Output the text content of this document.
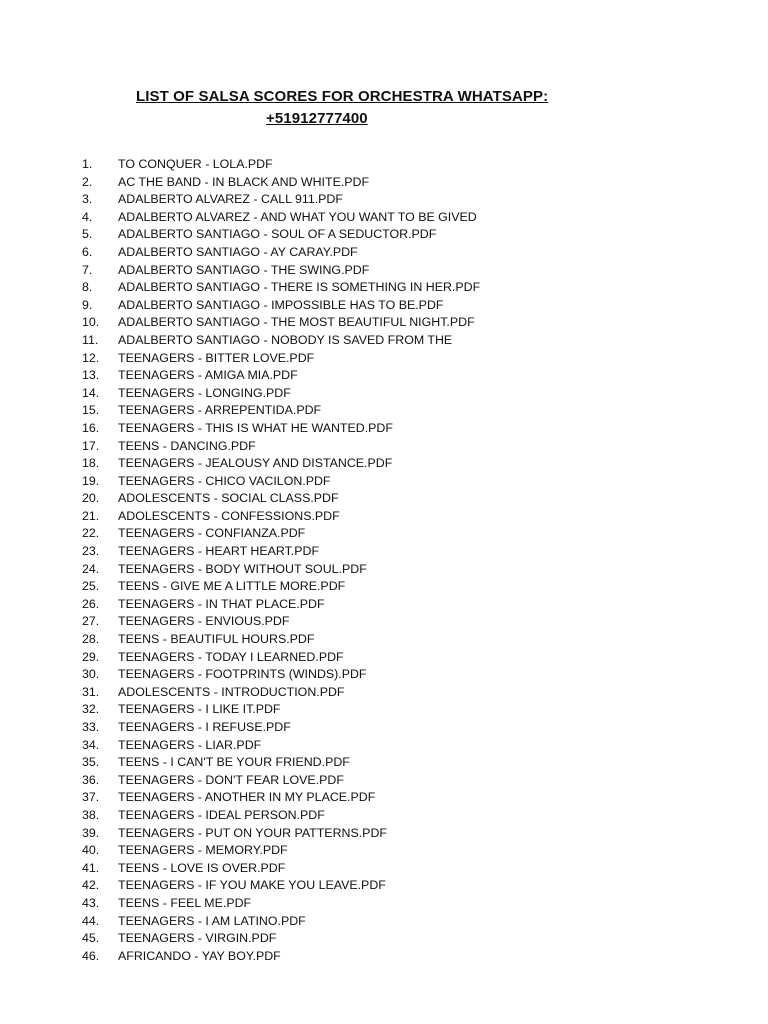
LIST OF SALSA SCORES FOR ORCHESTRA WHATSAPP:
+51912777400
1. TO CONQUER - LOLA.PDF
2. AC THE BAND - IN BLACK AND WHITE.PDF
3. ADALBERTO ALVAREZ - CALL 911.PDF
4. ADALBERTO ALVAREZ - AND WHAT YOU WANT TO BE GIVED
5. ADALBERTO SANTIAGO - SOUL OF A SEDUCTOR.PDF
6. ADALBERTO SANTIAGO - AY CARAY.PDF
7. ADALBERTO SANTIAGO - THE SWING.PDF
8. ADALBERTO SANTIAGO - THERE IS SOMETHING IN HER.PDF
9. ADALBERTO SANTIAGO - IMPOSSIBLE HAS TO BE.PDF
10. ADALBERTO SANTIAGO - THE MOST BEAUTIFUL NIGHT.PDF
11. ADALBERTO SANTIAGO - NOBODY IS SAVED FROM THE
12. TEENAGERS - BITTER LOVE.PDF
13. TEENAGERS - AMIGA MIA.PDF
14. TEENAGERS - LONGING.PDF
15. TEENAGERS - ARREPENTIDA.PDF
16. TEENAGERS - THIS IS WHAT HE WANTED.PDF
17. TEENS - DANCING.PDF
18. TEENAGERS - JEALOUSY AND DISTANCE.PDF
19. TEENAGERS - CHICO VACILON.PDF
20. ADOLESCENTS - SOCIAL CLASS.PDF
21. ADOLESCENTS - CONFESSIONS.PDF
22. TEENAGERS - CONFIANZA.PDF
23. TEENAGERS - HEART HEART.PDF
24. TEENAGERS - BODY WITHOUT SOUL.PDF
25. TEENS - GIVE ME A LITTLE MORE.PDF
26. TEENAGERS - IN THAT PLACE.PDF
27. TEENAGERS - ENVIOUS.PDF
28. TEENS - BEAUTIFUL HOURS.PDF
29. TEENAGERS - TODAY I LEARNED.PDF
30. TEENAGERS - FOOTPRINTS (WINDS).PDF
31. ADOLESCENTS - INTRODUCTION.PDF
32. TEENAGERS - I LIKE IT.PDF
33. TEENAGERS - I REFUSE.PDF
34. TEENAGERS - LIAR.PDF
35. TEENS - I CAN'T BE YOUR FRIEND.PDF
36. TEENAGERS - DON'T FEAR LOVE.PDF
37. TEENAGERS - ANOTHER IN MY PLACE.PDF
38. TEENAGERS - IDEAL PERSON.PDF
39. TEENAGERS - PUT ON YOUR PATTERNS.PDF
40. TEENAGERS - MEMORY.PDF
41. TEENS - LOVE IS OVER.PDF
42. TEENAGERS - IF YOU MAKE YOU LEAVE.PDF
43. TEENS - FEEL ME.PDF
44. TEENAGERS - I AM LATINO.PDF
45. TEENAGERS - VIRGIN.PDF
46. AFRICANDO - YAY BOY.PDF
